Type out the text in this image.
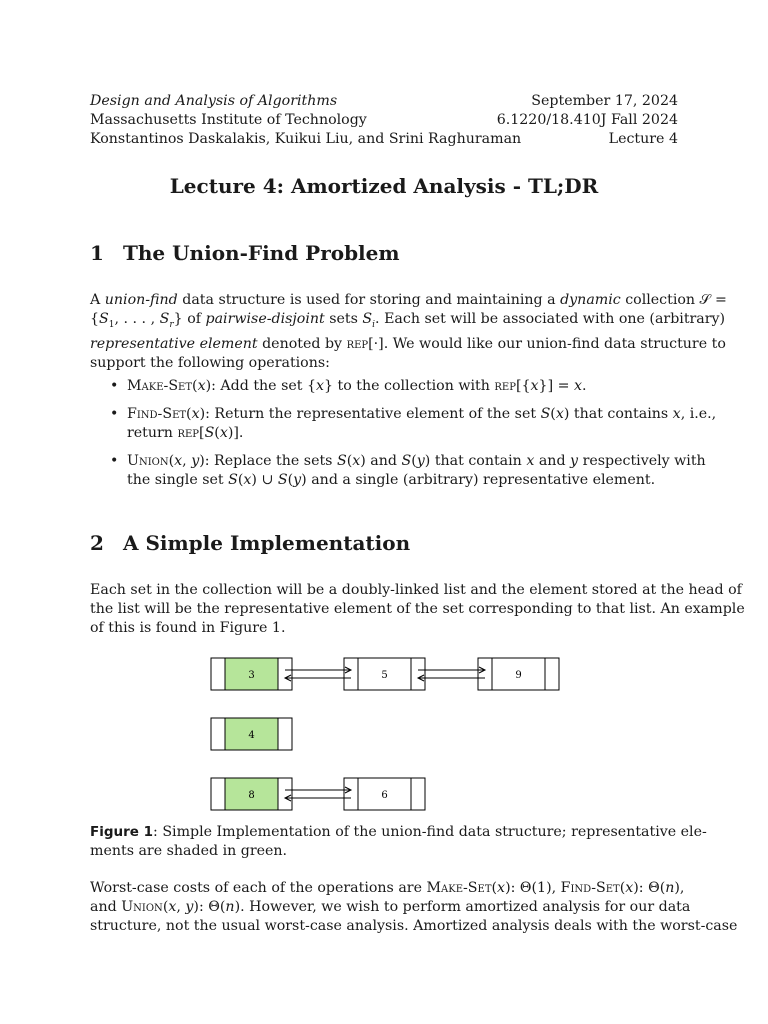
Design and Analysis of Algorithms
Massachusetts Institute of Technology
Konstantinos Daskalakis, Kuikui Liu, and Srini Raghuraman
September 17, 2024
6.1220/18.410J Fall 2024
Lecture 4
Lecture 4: Amortized Analysis - TL;DR
1 The Union-Find Problem
A union-find data structure is used for storing and maintaining a dynamic collection 𝒮 =
{$S_1$, . . . , $S_r$} of pairwise-disjoint sets $S_i$. Each set will be associated with one (arbitrary)
representative element denoted by rep[·]. We would like our union-find data structure to
support the following operations:
• Make-Set(x): Add the set {x} to the collection with rep[{x}] = x.
• Find-Set(x): Return the representative element of the set S(x) that contains x, i.e.,
return rep[S(x)].
• Union(x, y): Replace the sets S(x) and S(y) that contain x and y respectively with
the single set S(x) ∪ S(y) and a single (arbitrary) representative element.
2 A Simple Implementation
Each set in the collection will be a doubly-linked list and the element stored at the head of
the list will be the representative element of the set corresponding to that list. An example
of this is found in Figure 1.
3	5	9
4
8	6
Figure 1: Simple Implementation of the union-find data structure; representative ele-
ments are shaded in green.
Worst-case costs of each of the operations are Make-Set(x): Θ(1), Find-Set(x): Θ(n),
and Union(x, y): Θ(n). However, we wish to perform amortized analysis for our data
structure, not the usual worst-case analysis. Amortized analysis deals with the worst-case
